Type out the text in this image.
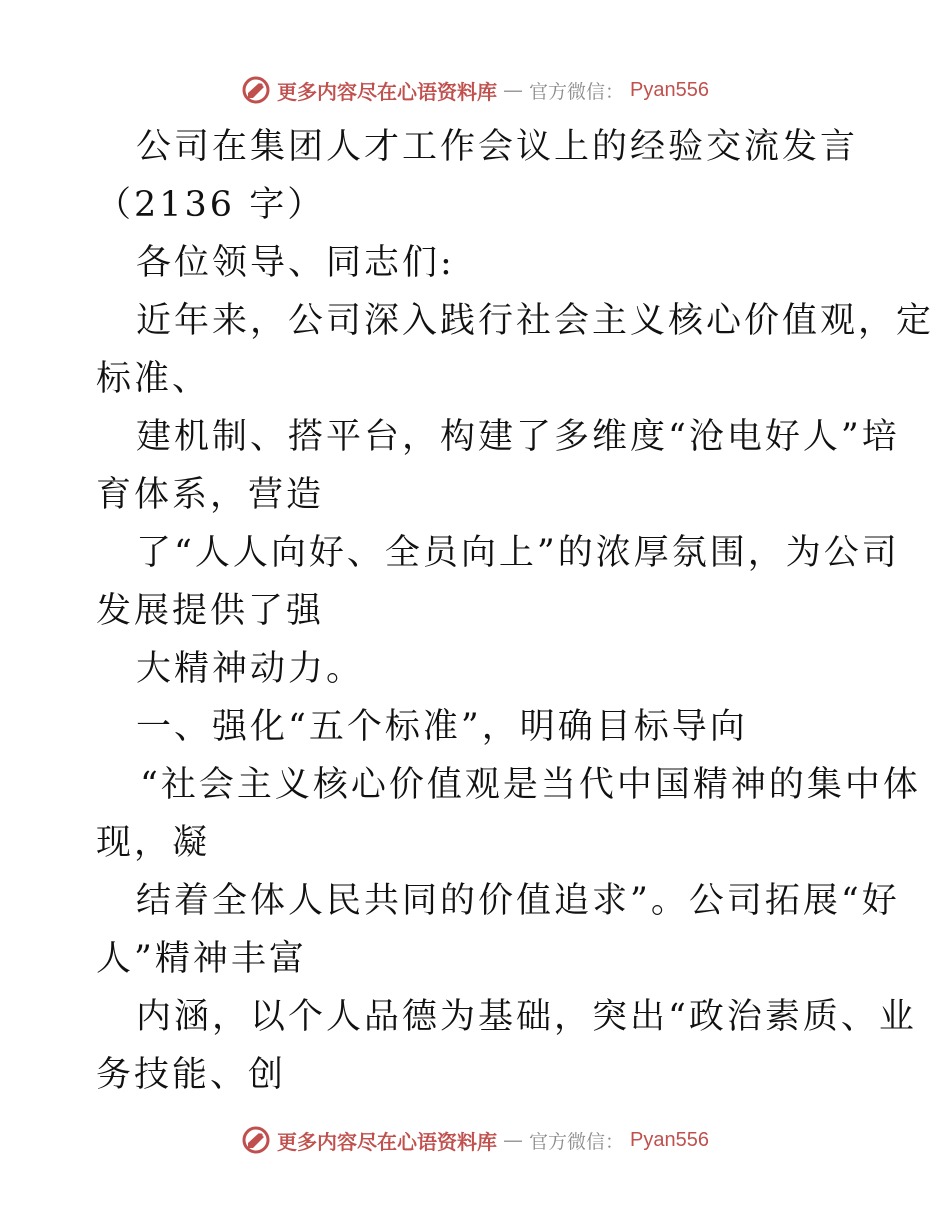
更多内容尽在心语资料库 — 官方微信： Pyan556
公司在集团人才工作会议上的经验交流发言
（2136 字）
各位领导、同志们:
近年来，公司深入践行社会主义核心价值观，定
标准、
建机制、搭平台，构建了多维度“沧电好人”培
育体系，营造
了“人人向好、全员向上”的浓厚氛围，为公司
发展提供了强
大精神动力。
一、强化“五个标准”，明确目标导向
“社会主义核心价值观是当代中国精神的集中体
现，凝
结着全体人民共同的价值追求”。公司拓展“好
人”精神丰富
内涵，以个人品德为基础，突出“政治素质、业
务技能、创
更多内容尽在心语资料库 — 官方微信： Pyan556
